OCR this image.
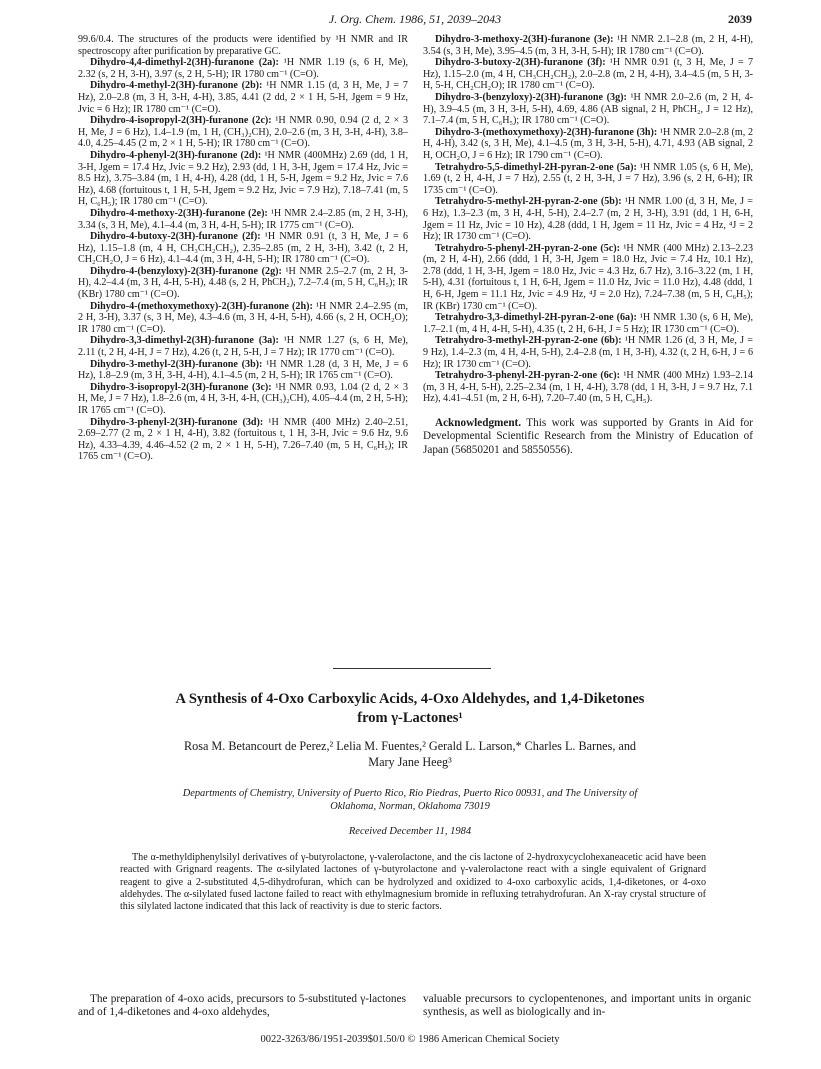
J. Org. Chem. 1986, 51, 2039–2043	2039

99.6/0.4. The structures of the products were identified by ¹H NMR and IR spectroscopy after purification by preparative GC.

Dihydro-4,4-dimethyl-2(3H)-furanone (2a): ¹H NMR 1.19 (s, 6 H, Me), 2.32 (s, 2 H, 3-H), 3.97 (s, 2 H, 5-H); IR 1780 cm⁻¹ (C=O).

Dihydro-4-methyl-2(3H)-furanone (2b): ¹H NMR 1.15 (d, 3 H, Me, J = 7 Hz), 2.0–2.8 (m, 3 H, 3-H, 4-H), 3.85, 4.41 (2 dd, 2 × 1 H, 5-H, Jgem = 9 Hz, Jvic = 6 Hz); IR 1780 cm⁻¹ (C=O).

Dihydro-4-isopropyl-2(3H)-furanone (2c): ¹H NMR 0.90, 0.94 (2 d, 2 × 3 H, Me, J = 6 Hz), 1.4–1.9 (m, 1 H, (CH₃)₂CH), 2.0–2.6 (m, 3 H, 3-H, 4-H), 3.8–4.0, 4.25–4.45 (2 m, 2 × 1 H, 5-H); IR 1780 cm⁻¹ (C=O).

Dihydro-4-phenyl-2(3H)-furanone (2d): ¹H NMR (400MHz) 2.69 (dd, 1 H, 3-H, Jgem = 17.4 Hz, Jvic = 9.2 Hz), 2.93 (dd, 1 H, 3-H, Jgem = 17.4 Hz, Jvic = 8.5 Hz), 3.75–3.84 (m, 1 H, 4-H), 4.28 (dd, 1 H, 5-H, Jgem = 9.2 Hz, Jvic = 7.6 Hz), 4.68 (fortuitous t, 1 H, 5-H, Jgem = 9.2 Hz, Jvic = 7.9 Hz), 7.18–7.41 (m, 5 H, C₆H₅); IR 1780 cm⁻¹ (C=O).

Dihydro-4-methoxy-2(3H)-furanone (2e): ¹H NMR 2.4–2.85 (m, 2 H, 3-H), 3.34 (s, 3 H, Me), 4.1–4.4 (m, 3 H, 4-H, 5-H); IR 1775 cm⁻¹ (C=O).

Dihydro-4-butoxy-2(3H)-furanone (2f): ¹H NMR 0.91 (t, 3 H, Me, J = 6 Hz), 1.15–1.8 (m, 4 H, CH₃CH₂CH₂), 2.35–2.85 (m, 2 H, 3-H), 3.42 (t, 2 H, CH₂CH₂O, J = 6 Hz), 4.1–4.4 (m, 3 H, 4-H, 5-H); IR 1780 cm⁻¹ (C=O).

Dihydro-4-(benzyloxy)-2(3H)-furanone (2g): ¹H NMR 2.5–2.7 (m, 2 H, 3-H), 4.2–4.4 (m, 3 H, 4-H, 5-H), 4.48 (s, 2 H, PhCH₂), 7.2–7.4 (m, 5 H, C₆H₅); IR (KBr) 1780 cm⁻¹ (C=O).

Dihydro-4-(methoxymethoxy)-2(3H)-furanone (2h): ¹H NMR 2.4–2.95 (m, 2 H, 3-H), 3.37 (s, 3 H, Me), 4.3–4.6 (m, 3 H, 4-H, 5-H), 4.66 (s, 2 H, OCH₂O); IR 1780 cm⁻¹ (C=O).

Dihydro-3,3-dimethyl-2(3H)-furanone (3a): ¹H NMR 1.27 (s, 6 H, Me), 2.11 (t, 2 H, 4-H, J = 7 Hz), 4.26 (t, 2 H, 5-H, J = 7 Hz); IR 1770 cm⁻¹ (C=O).

Dihydro-3-methyl-2(3H)-furanone (3b): ¹H NMR 1.28 (d, 3 H, Me, J = 6 Hz), 1.8–2.9 (m, 3 H, 3-H, 4-H), 4.1–4.5 (m, 2 H, 5-H); IR 1765 cm⁻¹ (C=O).

Dihydro-3-isopropyl-2(3H)-furanone (3c): ¹H NMR 0.93, 1.04 (2 d, 2 × 3 H, Me, J = 7 Hz), 1.8–2.6 (m, 4 H, 3-H, 4-H, (CH₃)₂CH), 4.05–4.4 (m, 2 H, 5-H); IR 1765 cm⁻¹ (C=O).

Dihydro-3-phenyl-2(3H)-furanone (3d): ¹H NMR (400 MHz) 2.40–2.51, 2.69–2.77 (2 m, 2 × 1 H, 4-H), 3.82 (fortuitous t, 1 H, 3-H, Jvic = 9.6 Hz, 9.6 Hz), 4.33–4.39, 4.46–4.52 (2 m, 2 × 1 H, 5-H), 7.26–7.40 (m, 5 H, C₆H₅); IR 1765 cm⁻¹ (C=O).

Dihydro-3-methoxy-2(3H)-furanone (3e): ¹H NMR 2.1–2.8 (m, 2 H, 4-H), 3.54 (s, 3 H, Me), 3.95–4.5 (m, 3 H, 3-H, 5-H); IR 1780 cm⁻¹ (C=O).

Dihydro-3-butoxy-2(3H)-furanone (3f): ¹H NMR 0.91 (t, 3 H, Me, J = 7 Hz), 1.15–2.0 (m, 4 H, CH₃CH₂CH₂), 2.0–2.8 (m, 2 H, 4-H), 3.4–4.5 (m, 5 H, 3-H, 5-H, CH₂CH₂O); IR 1780 cm⁻¹ (C=O).

Dihydro-3-(benzyloxy)-2(3H)-furanone (3g): ¹H NMR 2.0–2.6 (m, 2 H, 4-H), 3.9–4.5 (m, 3 H, 3-H, 5-H), 4.69, 4.86 (AB signal, 2 H, PhCH₂, J = 12 Hz), 7.1–7.4 (m, 5 H, C₆H₅); IR 1780 cm⁻¹ (C=O).

Dihydro-3-(methoxymethoxy)-2(3H)-furanone (3h): ¹H NMR 2.0–2.8 (m, 2 H, 4-H), 3.42 (s, 3 H, Me), 4.1–4.5 (m, 3 H, 3-H, 5-H), 4.71, 4.93 (AB signal, 2 H, OCH₂O, J = 6 Hz); IR 1790 cm⁻¹ (C=O).

Tetrahydro-5,5-dimethyl-2H-pyran-2-one (5a): ¹H NMR 1.05 (s, 6 H, Me), 1.69 (t, 2 H, 4-H, J = 7 Hz), 2.55 (t, 2 H, 3-H, J = 7 Hz), 3.96 (s, 2 H, 6-H); IR 1735 cm⁻¹ (C=O).

Tetrahydro-5-methyl-2H-pyran-2-one (5b): ¹H NMR 1.00 (d, 3 H, Me, J = 6 Hz), 1.3–2.3 (m, 3 H, 4-H, 5-H), 2.4–2.7 (m, 2 H, 3-H), 3.91 (dd, 1 H, 6-H, Jgem = 11 Hz, Jvic = 10 Hz), 4.28 (ddd, 1 H, Jgem = 11 Hz, Jvic = 4 Hz, ⁴J = 2 Hz); IR 1730 cm⁻¹ (C=O).

Tetrahydro-5-phenyl-2H-pyran-2-one (5c): ¹H NMR (400 MHz) 2.13–2.23 (m, 2 H, 4-H), 2.66 (ddd, 1 H, 3-H, Jgem = 18.0 Hz, Jvic = 7.4 Hz, 10.1 Hz), 2.78 (ddd, 1 H, 3-H, Jgem = 18.0 Hz, Jvic = 4.3 Hz, 6.7 Hz), 3.16–3.22 (m, 1 H, 5-H), 4.31 (fortuitous t, 1 H, 6-H, Jgem = 11.0 Hz, Jvic = 11.0 Hz), 4.48 (ddd, 1 H, 6-H, Jgem = 11.1 Hz, Jvic = 4.9 Hz, ⁴J = 2.0 Hz), 7.24–7.38 (m, 5 H, C₆H₅); IR (KBr) 1730 cm⁻¹ (C=O).

Tetrahydro-3,3-dimethyl-2H-pyran-2-one (6a): ¹H NMR 1.30 (s, 6 H, Me), 1.7–2.1 (m, 4 H, 4-H, 5-H), 4.35 (t, 2 H, 6-H, J = 5 Hz); IR 1730 cm⁻¹ (C=O).

Tetrahydro-3-methyl-2H-pyran-2-one (6b): ¹H NMR 1.26 (d, 3 H, Me, J = 9 Hz), 1.4–2.3 (m, 4 H, 4-H, 5-H), 2.4–2.8 (m, 1 H, 3-H), 4.32 (t, 2 H, 6-H, J = 6 Hz); IR 1730 cm⁻¹ (C=O).

Tetrahydro-3-phenyl-2H-pyran-2-one (6c): ¹H NMR (400 MHz) 1.93–2.14 (m, 3 H, 4-H, 5-H), 2.25–2.34 (m, 1 H, 4-H), 3.78 (dd, 1 H, 3-H, J = 9.7 Hz, 7.1 Hz), 4.41–4.51 (m, 2 H, 6-H), 7.20–7.40 (m, 5 H, C₆H₅).

Acknowledgment. This work was supported by Grants in Aid for Developmental Scientific Research from the Ministry of Education of Japan (56850201 and 58550556).

A Synthesis of 4-Oxo Carboxylic Acids, 4-Oxo Aldehydes, and 1,4-Diketones
from γ-Lactones¹
Rosa M. Betancourt de Perez,² Lelia M. Fuentes,² Gerald L. Larson,* Charles L. Barnes, and
Mary Jane Heeg³
Departments of Chemistry, University of Puerto Rico, Rio Piedras, Puerto Rico 00931, and The University of
Oklahoma, Norman, Oklahoma 73019
Received December 11, 1984

The α-methyldiphenylsilyl derivatives of γ-butyrolactone, γ-valerolactone, and the cis lactone of 2-hydroxycyclohexaneacetic acid have been reacted with Grignard reagents. The α-silylated lactones of γ-butyrolactone and γ-valerolactone react with a single equivalent of Grignard reagent to give a 2-substituted 4,5-dihydrofuran, which can be hydrolyzed and oxidized to 4-oxo carboxylic acids, 1,4-diketones, or 4-oxo aldehydes. The α-silylated fused lactone failed to react with ethylmagnesium bromide in refluxing tetrahydrofuran. An X-ray crystal structure of this silylated lactone indicated that this lack of reactivity is due to steric factors.

The preparation of 4-oxo acids, precursors to 5-substituted γ-lactones and of 1,4-diketones and 4-oxo aldehydes,
valuable precursors to cyclopentenones, and important units in organic synthesis, as well as biologically and in-
0022-3263/86/1951-2039$01.50/0 © 1986 American Chemical Society
